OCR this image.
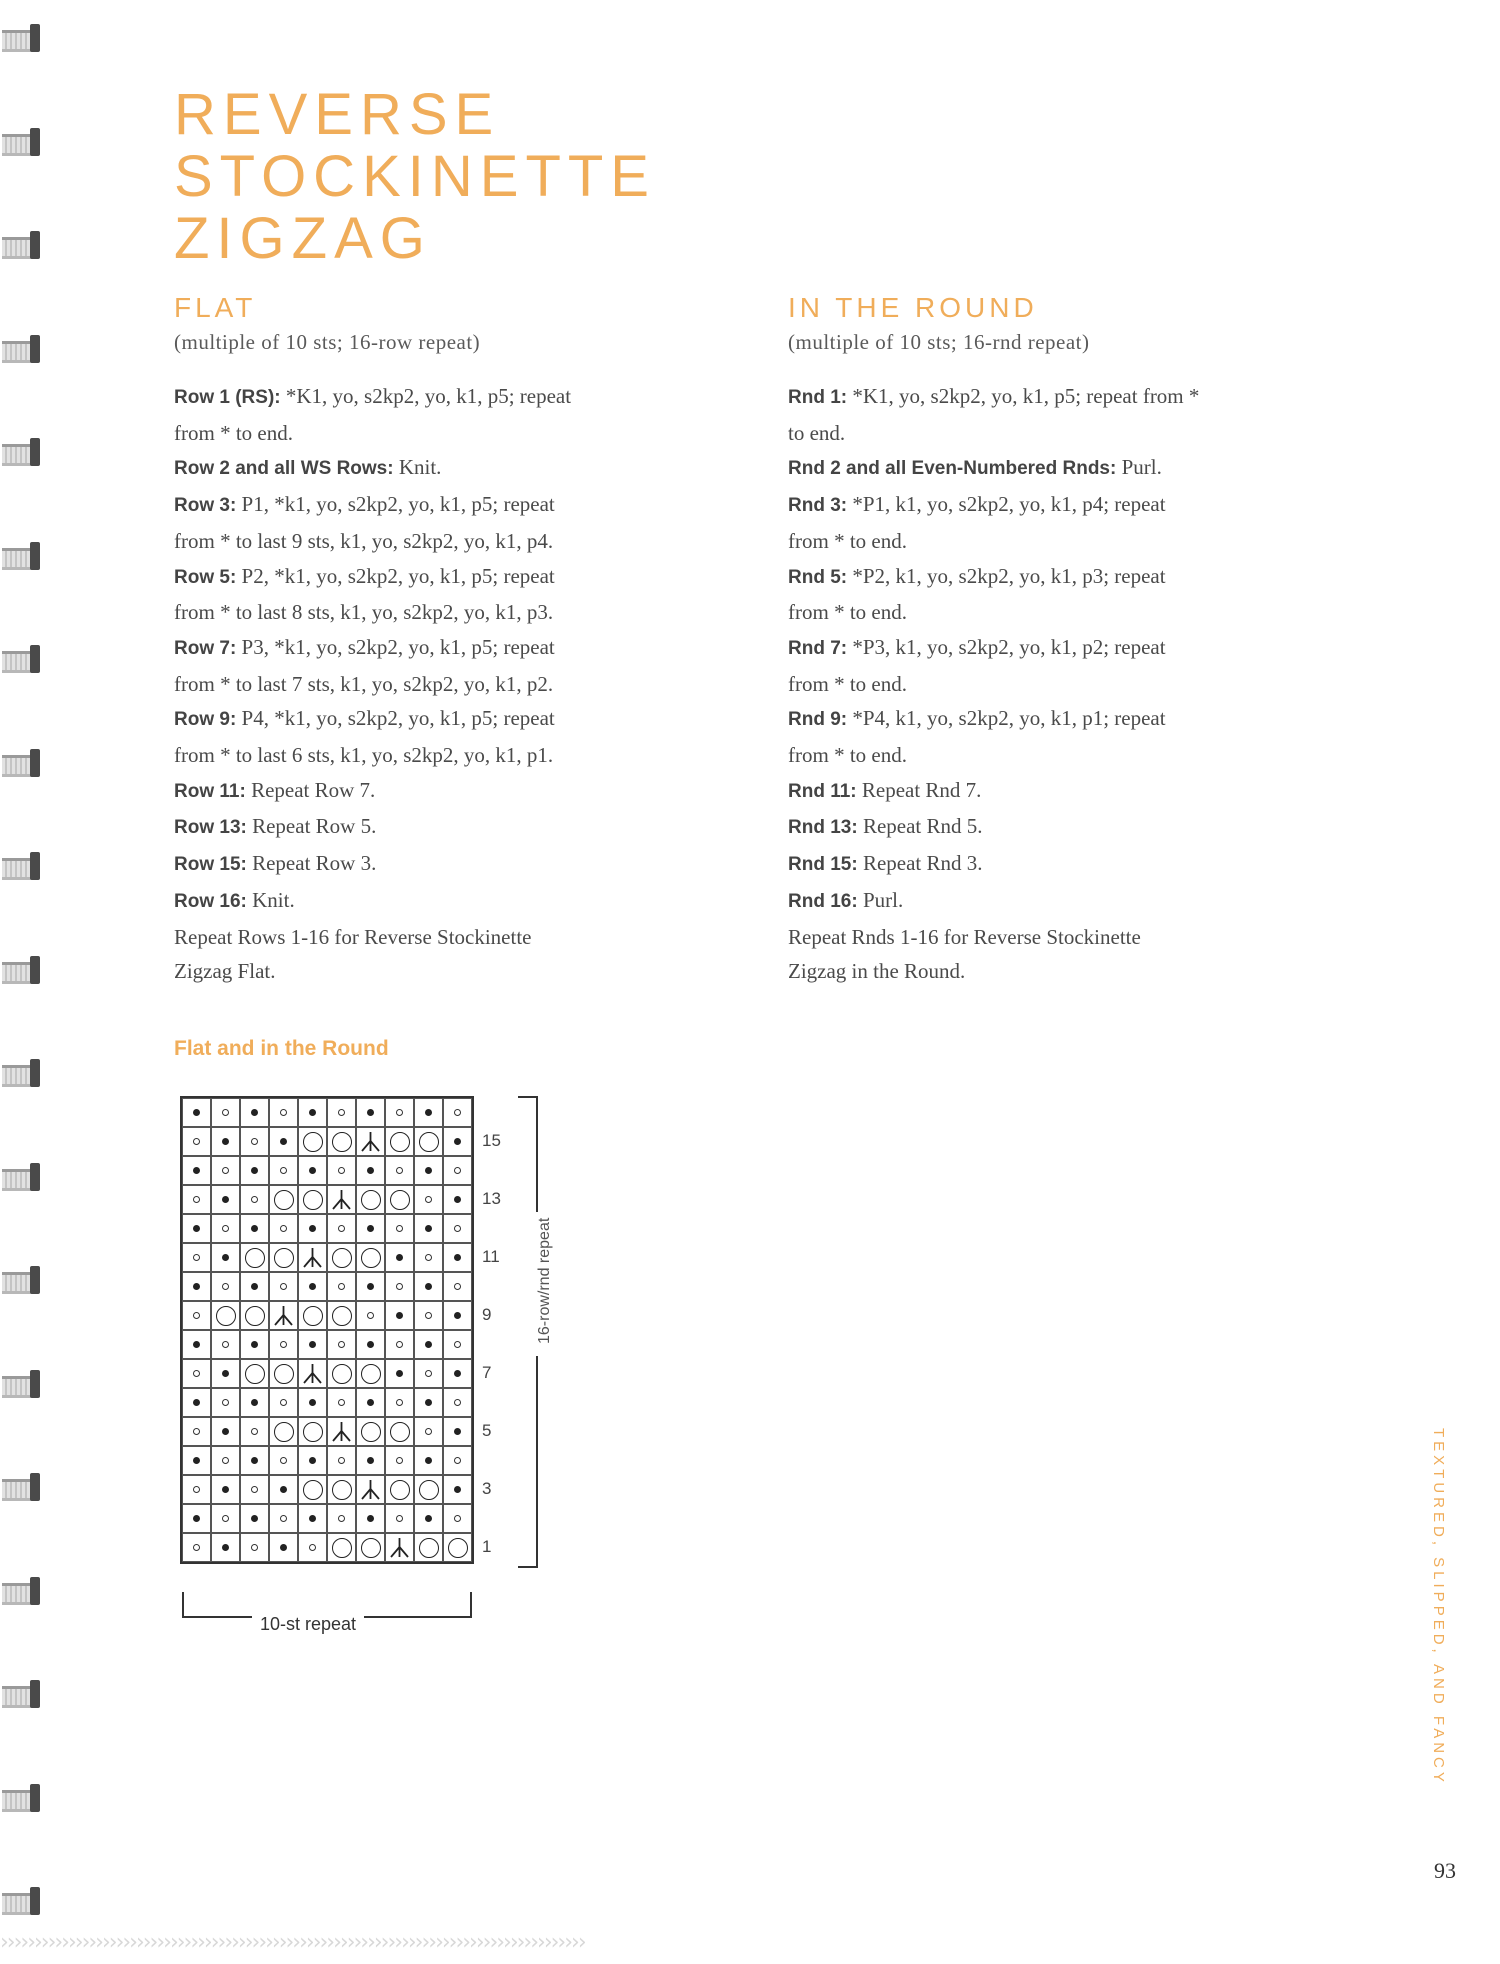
REVERSE
STOCKINETTE
ZIGZAG
FLAT
(multiple of 10 sts; 16-row repeat)
Row 1 (RS): *K1, yo, s2kp2, yo, k1, p5; repeat
from * to end.
Row 2 and all WS Rows: Knit.
Row 3: P1, *k1, yo, s2kp2, yo, k1, p5; repeat
from * to last 9 sts, k1, yo, s2kp2, yo, k1, p4.
Row 5: P2, *k1, yo, s2kp2, yo, k1, p5; repeat
from * to last 8 sts, k1, yo, s2kp2, yo, k1, p3.
Row 7: P3, *k1, yo, s2kp2, yo, k1, p5; repeat
from * to last 7 sts, k1, yo, s2kp2, yo, k1, p2.
Row 9: P4, *k1, yo, s2kp2, yo, k1, p5; repeat
from * to last 6 sts, k1, yo, s2kp2, yo, k1, p1.
Row 11: Repeat Row 7.
Row 13: Repeat Row 5.
Row 15: Repeat Row 3.
Row 16: Knit.
Repeat Rows 1-16 for Reverse Stockinette
Zigzag Flat.
IN THE ROUND
(multiple of 10 sts; 16-rnd repeat)
Rnd 1: *K1, yo, s2kp2, yo, k1, p5; repeat from *
to end.
Rnd 2 and all Even-Numbered Rnds: Purl.
Rnd 3: *P1, k1, yo, s2kp2, yo, k1, p4; repeat
from * to end.
Rnd 5: *P2, k1, yo, s2kp2, yo, k1, p3; repeat
from * to end.
Rnd 7: *P3, k1, yo, s2kp2, yo, k1, p2; repeat
from * to end.
Rnd 9: *P4, k1, yo, s2kp2, yo, k1, p1; repeat
from * to end.
Rnd 11: Repeat Rnd 7.
Rnd 13: Repeat Rnd 5.
Rnd 15: Repeat Rnd 3.
Rnd 16: Purl.
Repeat Rnds 1-16 for Reverse Stockinette
Zigzag in the Round.
Flat and in the Round
15
13
11
9
7
5
3
1
16-row/rnd repeat
10-st repeat	TEXTURED, SLIPPED, AND FANCY
93
››››››››››››››››››››››››››››››››››››››››››››››››››››››››››››››››››››››››››››››››››››››
